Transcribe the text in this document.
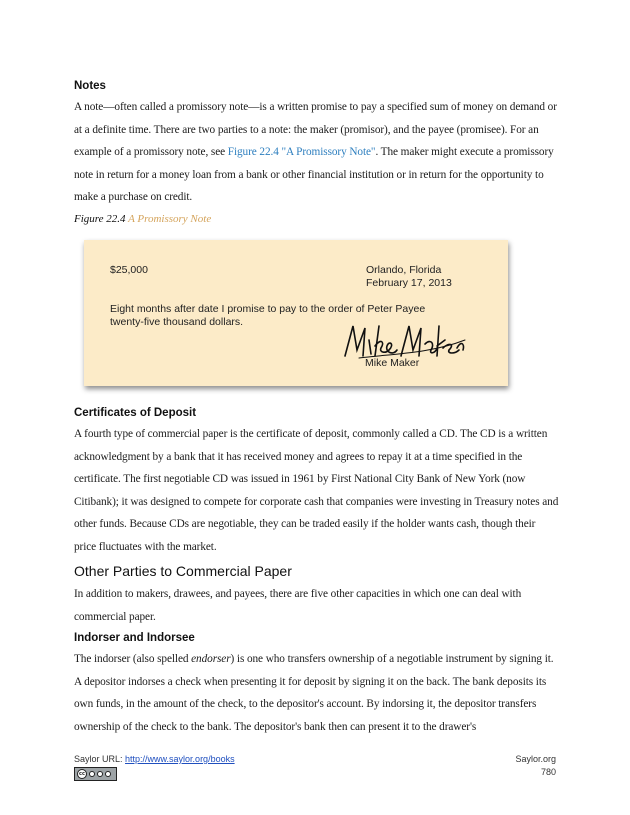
Notes

A note—often called a promissory note—is a written promise to pay a specified sum of money on demand or at a definite time. There are two parties to a note: the maker (promisor), and the payee (promisee). For an example of a promissory note, see Figure 22.4 "A Promissory Note". The maker might execute a promissory note in return for a money loan from a bank or other financial institution or in return for the opportunity to make a purchase on credit.

Figure 22.4 A Promissory Note
$25,000	Orlando, Florida
February 17, 2013
Eight months after date I promise to pay to the order of Peter Payee
twenty-five thousand dollars.
Mike Maker
Certificates of Deposit

A fourth type of commercial paper is the certificate of deposit, commonly called a CD. The CD is a written acknowledgment by a bank that it has received money and agrees to repay it at a time specified in the certificate. The first negotiable CD was issued in 1961 by First National City Bank of New York (now Citibank); it was designed to compete for corporate cash that companies were investing in Treasury notes and other funds. Because CDs are negotiable, they can be traded easily if the holder wants cash, though their price fluctuates with the market.

Other Parties to Commercial Paper

In addition to makers, drawees, and payees, there are five other capacities in which one can deal with commercial paper.

Indorser and Indorsee

The indorser (also spelled endorser) is one who transfers ownership of a negotiable instrument by signing it. A depositor indorses a check when presenting it for deposit by signing it on the back. The bank deposits its own funds, in the amount of the check, to the depositor's account. By indorsing it, the depositor transfers ownership of the check to the bank. The depositor's bank then can present it to the drawer's

Saylor URL: http://www.saylor.org/books	Saylor.org
780
cc
